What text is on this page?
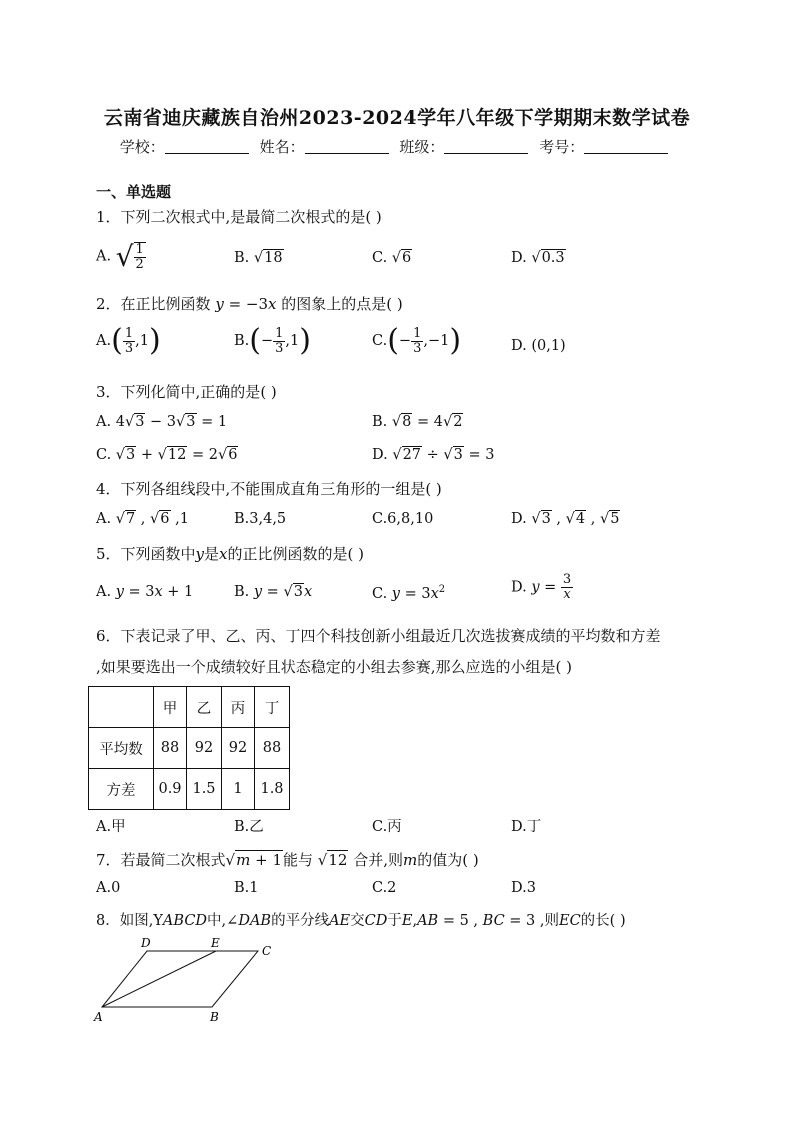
云南省迪庆藏族自治州2023-2024学年八年级下学期期末数学试卷
学校：	姓名：	班级：	考号：
一、单选题
1．下列二次根式中,是最简二次根式的是( )
A. √ $\frac{1}{2}$	B. √18	C. √6	D. √0.3
2．在正比例函数 y = −3x 的图象上的点是( )
$A.( \frac{1}{3} ,1)$	$B.(- \frac{1}{3} ,1)$	$C.(- \frac{1}{3} ,-1)$	D. (0,1)
3．下列化简中,正确的是( )
A. 4√3 − 3√3 = 1	B. √8 = 4√2
C. √3 + √12 = 2√6	D. √27 ÷ √3 = 3
4．下列各组线段中,不能围成直角三角形的一组是( )
A. √7 , √6 ,1	B.3,4,5	C.6,8,10	D. √3 , √4 , √5
5．下列函数中y是x的正比例函数的是( )
A. y = 3x + 1	B. y = √3x	C. $y = 3x^2$	D. $y = \frac{3}{x}$
6．下表记录了甲、乙、丙、丁四个科技创新小组最近几次选拔赛成绩的平均数和方差
,如果要选出一个成绩较好且状态稳定的小组去参赛,那么应选的小组是( )
	甲	乙	丙	丁
平均数	88	92	92	88
方差	0.9	1.5	1	1.8
A.甲	B.乙	C.丙	D.丁
7．若最简二次根式√m + 1能与 √12 合并,则m的值为( )
A.0	B.1	C.2	D.3
8．如图,YABCD中,∠DAB的平分线AE交CD于E,AB = 5 , BC = 3 ,则EC的长( )
A	B
C
D	E
